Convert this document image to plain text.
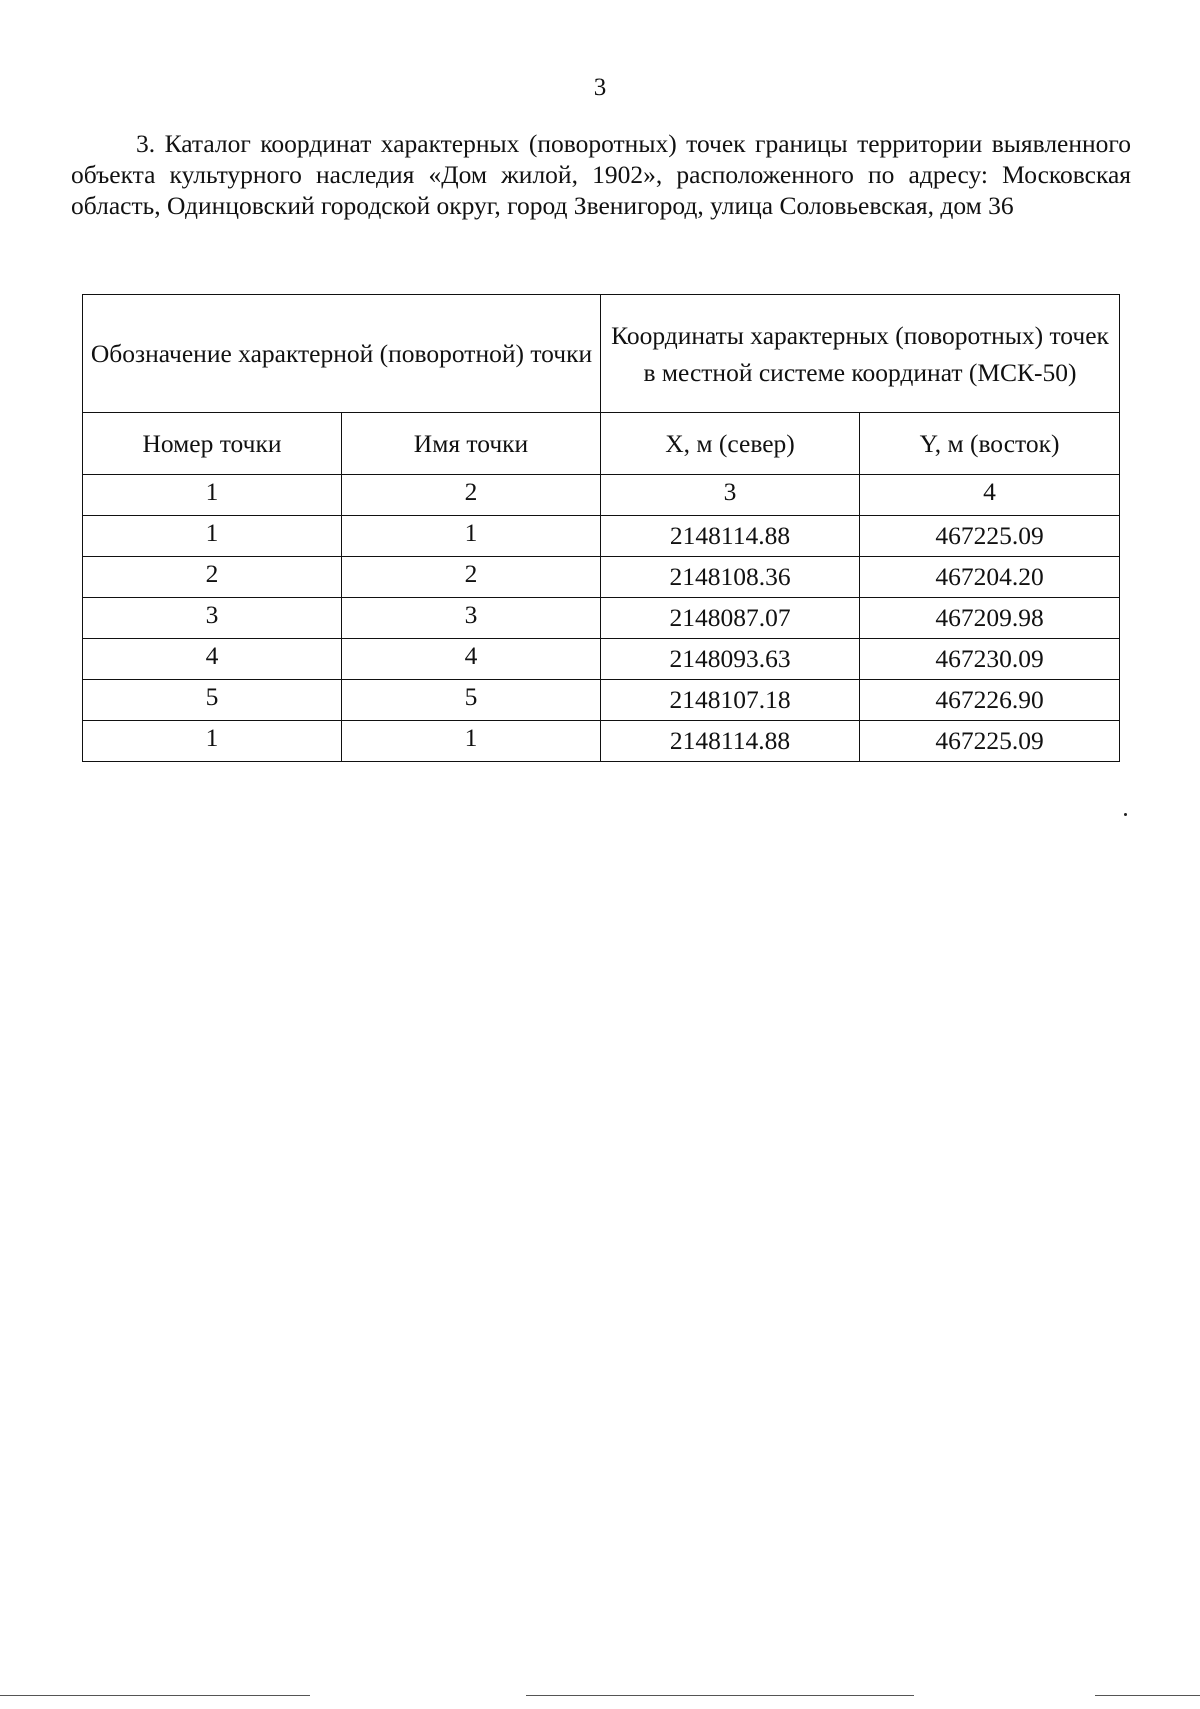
3
3. Каталог координат характерных (поворотных) точек границы территории выявленного объекта культурного наследия «Дом жилой, 1902», расположенного по адресу: Московская область, Одинцовский городской округ, город Звенигород, улица Соловьевская, дом 36
Обозначение характерной (поворотной) точки		Координаты характерных (поворотных) точек в местной системе координат (МСК-50)	
Номер точки	Имя точки	X, м (север)	Y, м (восток)
1	2	3	4
1	1	2148114.88	467225.09
2	2	2148108.36	467204.20
3	3	2148087.07	467209.98
4	4	2148093.63	467230.09
5	5	2148107.18	467226.90
1	1	2148114.88	467225.09
